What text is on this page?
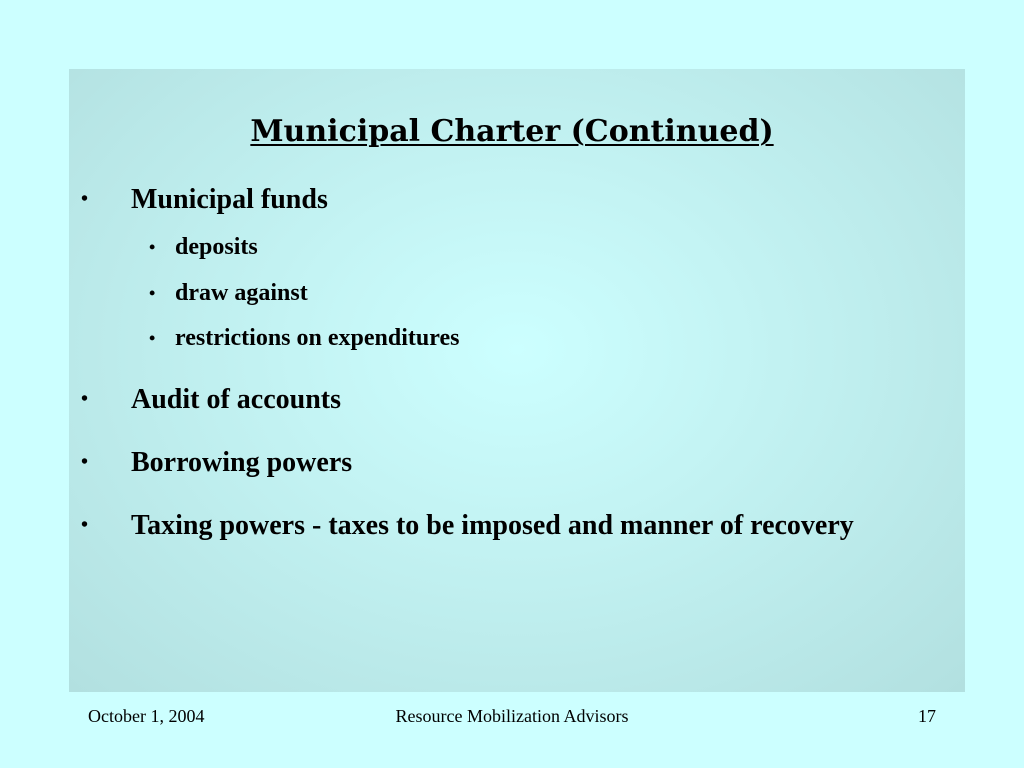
Municipal Charter (Continued)
• Municipal funds
• deposits
• draw against
• restrictions on expenditures
• Audit of accounts
• Borrowing powers
• Taxing powers - taxes to be imposed and manner of recovery
October 1, 2004	Resource Mobilization Advisors	17
